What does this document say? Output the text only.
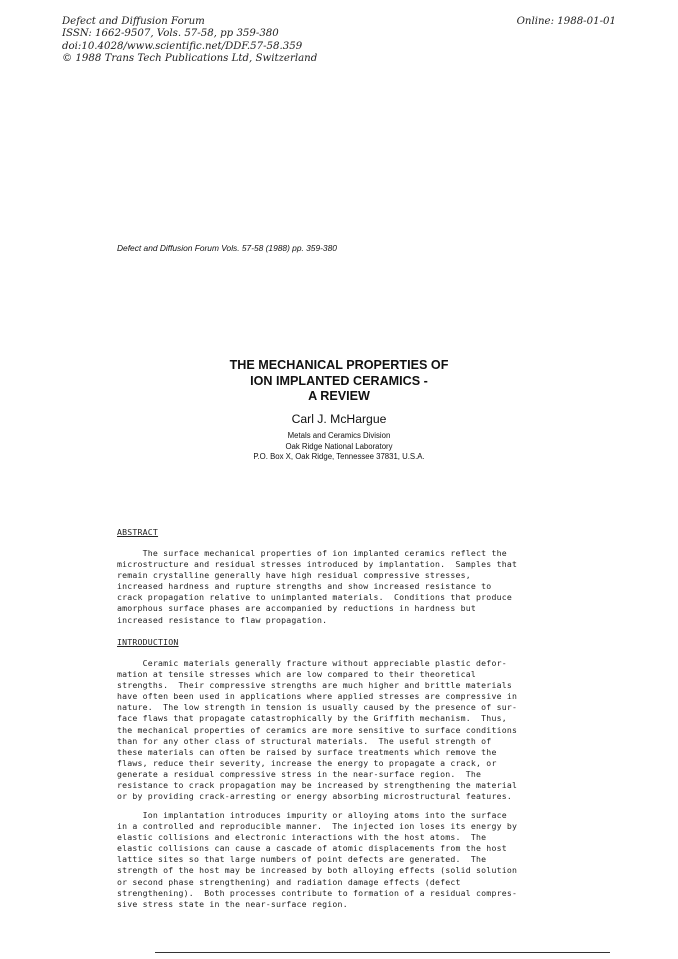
Defect and Diffusion Forum
ISSN: 1662-9507, Vols. 57-58, pp 359-380
doi:10.4028/www.scientific.net/DDF.57-58.359
© 1988 Trans Tech Publications Ltd, Switzerland
Online: 1988-01-01
Defect and Diffusion Forum Vols. 57-58 (1988) pp. 359-380
THE MECHANICAL PROPERTIES OF
ION IMPLANTED CERAMICS -
A REVIEW
Carl J. McHargue
Metals and Ceramics Division
Oak Ridge National Laboratory
P.O. Box X, Oak Ridge, Tennessee 37831, U.S.A.
ABSTRACT
The surface mechanical properties of ion implanted ceramics reflect the
microstructure and residual stresses introduced by implantation.  Samples that
remain crystalline generally have high residual compressive stresses,
increased hardness and rupture strengths and show increased resistance to
crack propagation relative to unimplanted materials.  Conditions that produce
amorphous surface phases are accompanied by reductions in hardness but
increased resistance to flaw propagation.
INTRODUCTION
Ceramic materials generally fracture without appreciable plastic defor-
mation at tensile stresses which are low compared to their theoretical
strengths.  Their compressive strengths are much higher and brittle materials
have often been used in applications where applied stresses are compressive in
nature.  The low strength in tension is usually caused by the presence of sur-
face flaws that propagate catastrophically by the Griffith mechanism.  Thus,
the mechanical properties of ceramics are more sensitive to surface conditions
than for any other class of structural materials.  The useful strength of
these materials can often be raised by surface treatments which remove the
flaws, reduce their severity, increase the energy to propagate a crack, or
generate a residual compressive stress in the near-surface region.  The
resistance to crack propagation may be increased by strengthening the material
or by providing crack-arresting or energy absorbing microstructural features.
Ion implantation introduces impurity or alloying atoms into the surface
in a controlled and reproducible manner.  The injected ion loses its energy by
elastic collisions and electronic interactions with the host atoms.  The
elastic collisions can cause a cascade of atomic displacements from the host
lattice sites so that large numbers of point defects are generated.  The
strength of the host may be increased by both alloying effects (solid solution
or second phase strengthening) and radiation damage effects (defect
strengthening).  Both processes contribute to formation of a residual compres-
sive stress state in the near-surface region.
